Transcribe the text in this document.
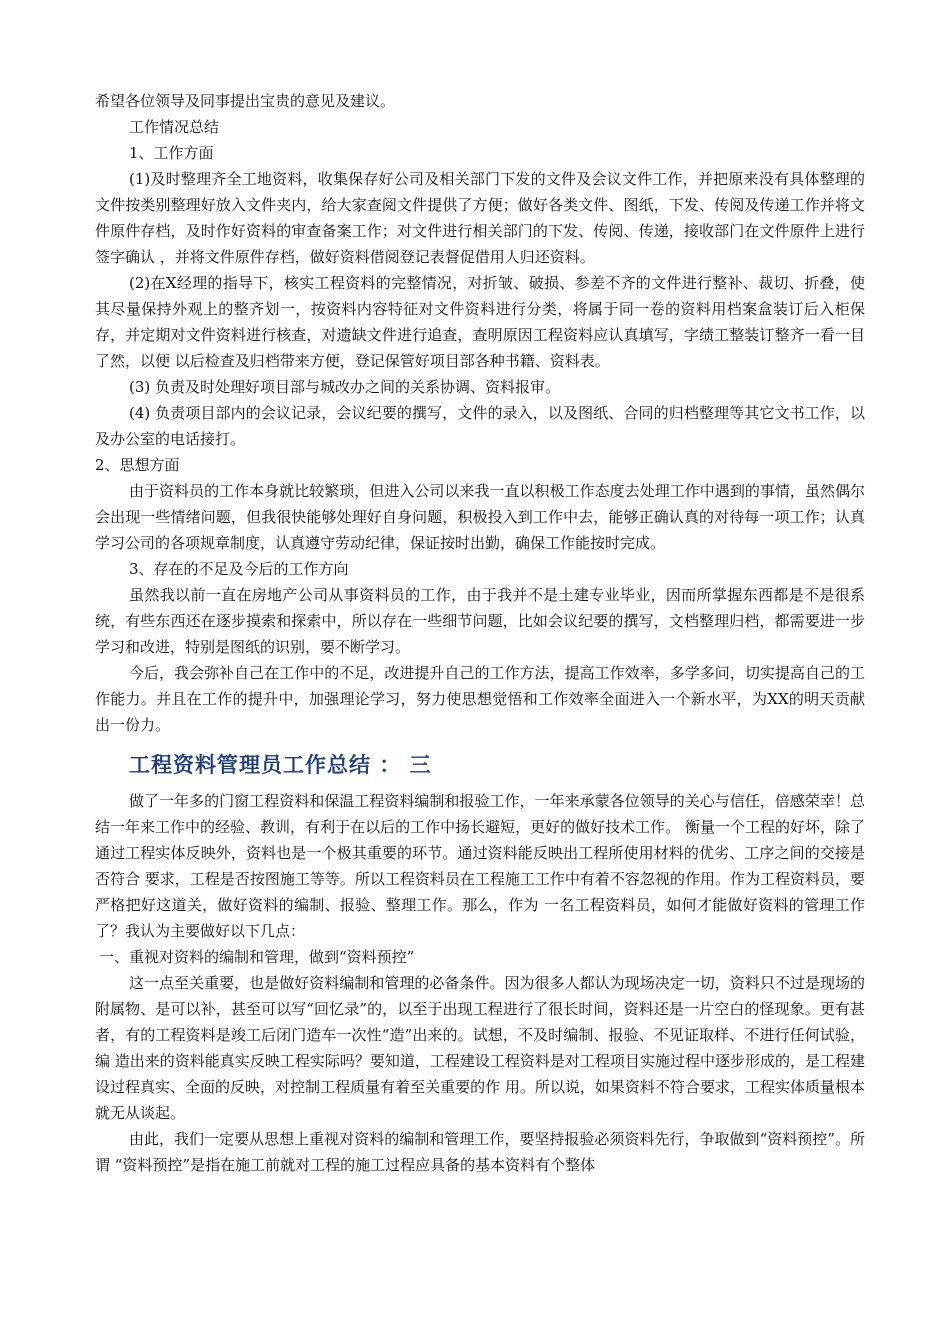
希望各位领导及同事提出宝贵的意见及建议。

工作情况总结

1、工作方面

(1)及时整理齐全工地资料，收集保存好公司及相关部门下发的文件及会议文件工作，并把原来没有具体整理的文件按类别整理好放入文件夹内，给大家查阅文件提供了方便；做好各类文件、图纸，下发、传阅及传递工作并将文件原件存档，及时作好资料的审查备案工作；对文件进行相关部门的下发、传阅、传递，接收部门在文件原件上进行签字确认 ，并将文件原件存档，做好资料借阅登记表督促借用人归还资料。

(2)在X经理的指导下，核实工程资料的完整情况，对折皱、破损、参差不齐的文件进行整补、裁切、折叠，使其尽量保持外观上的整齐划一，按资料内容特征对文件资料进行分类，将属于同一卷的资料用档案盒装订后入柜保存，并定期对文件资料进行核查，对遗缺文件进行追查，查明原因工程资料应认真填写，字绩工整装订整齐一看一目了然，以便 以后检查及归档带来方便，登记保管好项目部各种书籍、资料表。

(3) 负责及时处理好项目部与城改办之间的关系协调、资料报审。

(4) 负责项目部内的会议记录，会议纪要的撰写，文件的录入，以及图纸、合同的归档整理等其它文书工作，以及办公室的电话接打。

2、思想方面

由于资料员的工作本身就比较繁琐，但进入公司以来我一直以积极工作态度去处理工作中遇到的事情，虽然偶尔会出现一些情绪问题，但我很快能够处理好自身问题，积极投入到工作中去，能够正确认真的对待每一项工作；认真学习公司的各项规章制度，认真遵守劳动纪律，保证按时出勤，确保工作能按时完成。

3、存在的不足及今后的工作方向

虽然我以前一直在房地产公司从事资料员的工作，由于我并不是土建专业毕业，因而所掌握东西都是不是很系统，有些东西还在逐步摸索和探索中，所以存在一些细节问题，比如会议纪要的撰写，文档整理归档，都需要进一步学习和改进，特别是图纸的识别，要不断学习。

今后，我会弥补自己在工作中的不足，改进提升自己的工作方法，提高工作效率，多学多问，切实提高自己的工作能力。并且在工作的提升中，加强理论学习，努力使思想觉悟和工作效率全面进入一个新水平，为XX的明天贡献出一份力。

工程资料管理员工作总结 ： 三

做了一年多的门窗工程资料和保温工程资料编制和报验工作，一年来承蒙各位领导的关心与信任，倍感荣幸！总结一年来工作中的经验、教训，有利于在以后的工作中扬长避短，更好的做好技术工作。 衡量一个工程的好坏，除了通过工程实体反映外，资料也是一个极其重要的环节。通过资料能反映出工程所使用材料的优劣、工序之间的交接是否符合 要求，工程是否按图施工等等。所以工程资料员在工程施工工作中有着不容忽视的作用。作为工程资料员，要严格把好这道关，做好资料的编制、报验、整理工作。那么，作为 一名工程资料员，如何才能做好资料的管理工作了？我认为主要做好以下几点：

一、重视对资料的编制和管理，做到“资料预控”

这一点至关重要，也是做好资料编制和管理的必备条件。因为很多人都认为现场决定一切，资料只不过是现场的附属物、是可以补，甚至可以写“回忆录”的，以至于出现工程进行了很长时间，资料还是一片空白的怪现象。更有甚者，有的工程资料是竣工后闭门造车一次性“造”出来的。试想，不及时编制、报验、不见证取样、不进行任何试验，编 造出来的资料能真实反映工程实际吗？要知道，工程建设工程资料是对工程项目实施过程中逐步形成的，是工程建设过程真实、全面的反映，对控制工程质量有着至关重要的作 用。所以说，如果资料不符合要求，工程实体质量根本就无从谈起。

由此，我们一定要从思想上重视对资料的编制和管理工作，要坚持报验必须资料先行，争取做到“资料预控”。所谓 “资料预控”是指在施工前就对工程的施工过程应具备的基本资料有个整体
